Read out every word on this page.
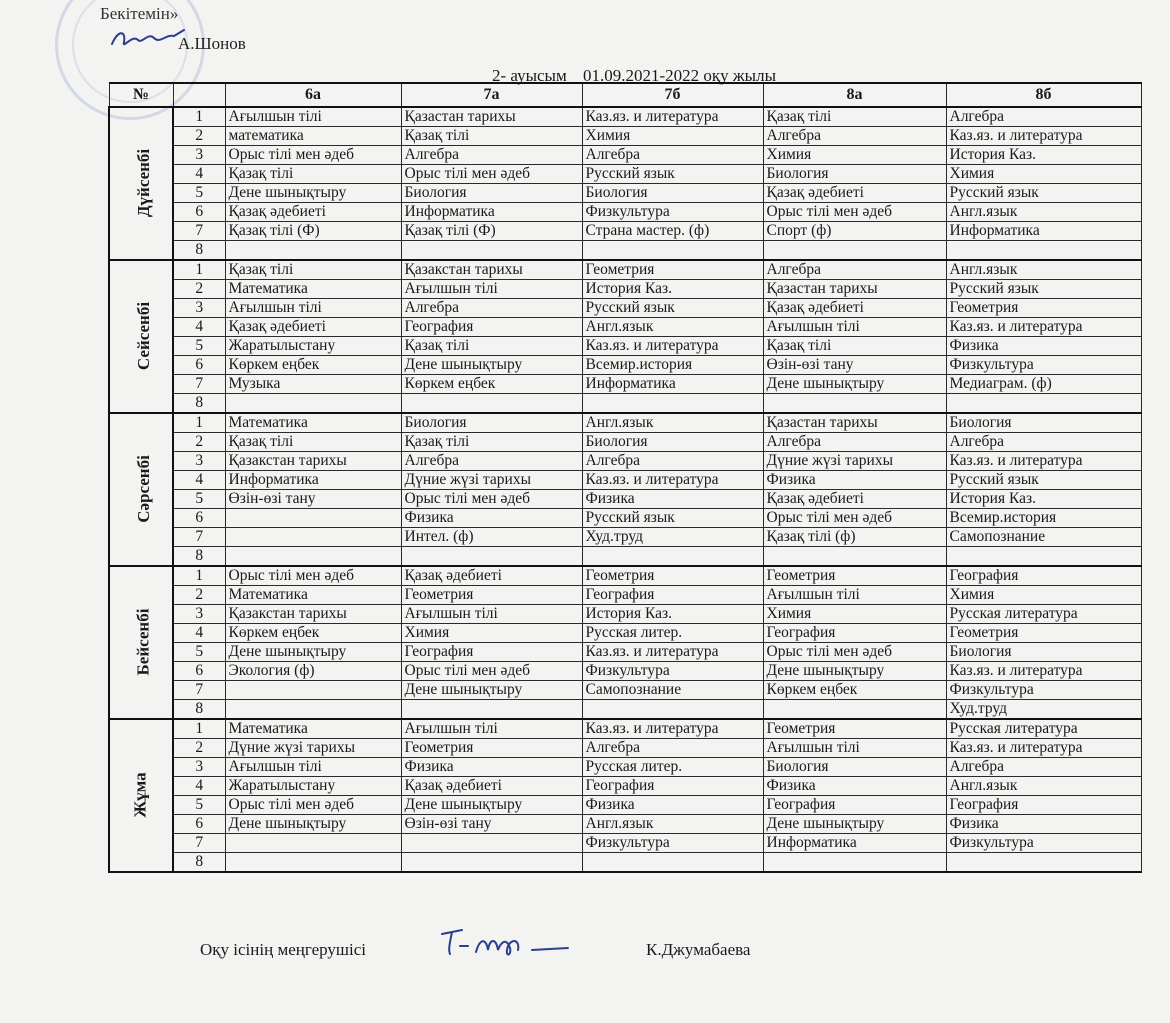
Бекітемін»
А.Шонов
2- ауысым 01.09.2021-2022 оқу жылы
№		6а	7а	7б	8а	8б
Дүйсенбі	1	Ағылшын тілі	Қазастан тарихы	Каз.яз. и литература	Қазақ тілі	Алгебра
	2	математика	Қазақ тілі	Химия	Алгебра	Каз.яз. и литература
	3	Орыс тілі мен әдеб	Алгебра	Алгебра	Химия	История Каз.
	4	Қазақ тілі	Орыс тілі мен әдеб	Русский язык	Биология	Химия
	5	Дене шынықтыру	Биология	Биология	Қазақ әдебиеті	Русский язык
	6	Қазақ әдебиеті	Информатика	Физкультура	Орыс тілі мен әдеб	Англ.язык
	7	Қазақ тілі (Ф)	Қазақ тілі (Ф)	Страна мастер. (ф)	Спорт (ф)	Информатика
	8					
Сейсенбі	1	Қазақ тілі	Қазакстан тарихы	Геометрия	Алгебра	Англ.язык
	2	Математика	Ағылшын тілі	История Каз.	Қазастан тарихы	Русский язык
	3	Ағылшын тілі	Алгебра	Русский язык	Қазақ әдебиеті	Геометрия
	4	Қазақ әдебиеті	География	Англ.язык	Ағылшын тілі	Каз.яз. и литература
	5	Жаратылыстану	Қазақ тілі	Каз.яз. и литература	Қазақ тілі	Физика
	6	Көркем еңбек	Дене шынықтыру	Всемир.история	Өзін-өзі тану	Физкультура
	7	Музыка	Көркем еңбек	Информатика	Дене шынықтыру	Медиаграм. (ф)
	8					
Сәрсенбі	1	Математика	Биология	Англ.язык	Қазастан тарихы	Биология
	2	Қазақ тілі	Қазақ тілі	Биология	Алгебра	Алгебра
	3	Қазакстан тарихы	Алгебра	Алгебра	Дүние жүзі тарихы	Каз.яз. и литература
	4	Информатика	Дүние жүзі тарихы	Каз.яз. и литература	Физика	Русский язык
	5	Өзін-өзі тану	Орыс тілі мен әдеб	Физика	Қазақ әдебиеті	История Каз.
	6		Физика	Русский язык	Орыс тілі мен әдеб	Всемир.история
	7		Интел. (ф)	Худ.труд	Қазақ тілі (ф)	Самопознание
	8					
Бейсенбі	1	Орыс тілі мен әдеб	Қазақ әдебиеті	Геометрия	Геометрия	География
	2	Математика	Геометрия	География	Ағылшын тілі	Химия
	3	Қазакстан тарихы	Ағылшын тілі	История Каз.	Химия	Русская литература
	4	Көркем еңбек	Химия	Русская литер.	География	Геометрия
	5	Дене шынықтыру	География	Каз.яз. и литература	Орыс тілі мен әдеб	Биология
	6	Экология (ф)	Орыс тілі мен әдеб	Физкультура	Дене шынықтыру	Каз.яз. и литература
	7		Дене шынықтыру	Самопознание	Көркем еңбек	Физкультура
	8					Худ.труд
Жұма	1	Математика	Ағылшын тілі	Каз.яз. и литература	Геометрия	Русская литература
	2	Дүние жүзі тарихы	Геометрия	Алгебра	Ағылшын тілі	Каз.яз. и литература
	3	Ағылшын тілі	Физика	Русская литер.	Биология	Алгебра
	4	Жаратылыстану	Қазақ әдебиеті	География	Физика	Англ.язык
	5	Орыс тілі мен әдеб	Дене шынықтыру	Физика	География	География
	6	Дене шынықтыру	Өзін-өзі тану	Англ.язык	Дене шынықтыру	Физика
	7			Физкультура	Информатика	Физкультура
	8					
Оқу ісінің меңгерушісі	К.Джумабаева
